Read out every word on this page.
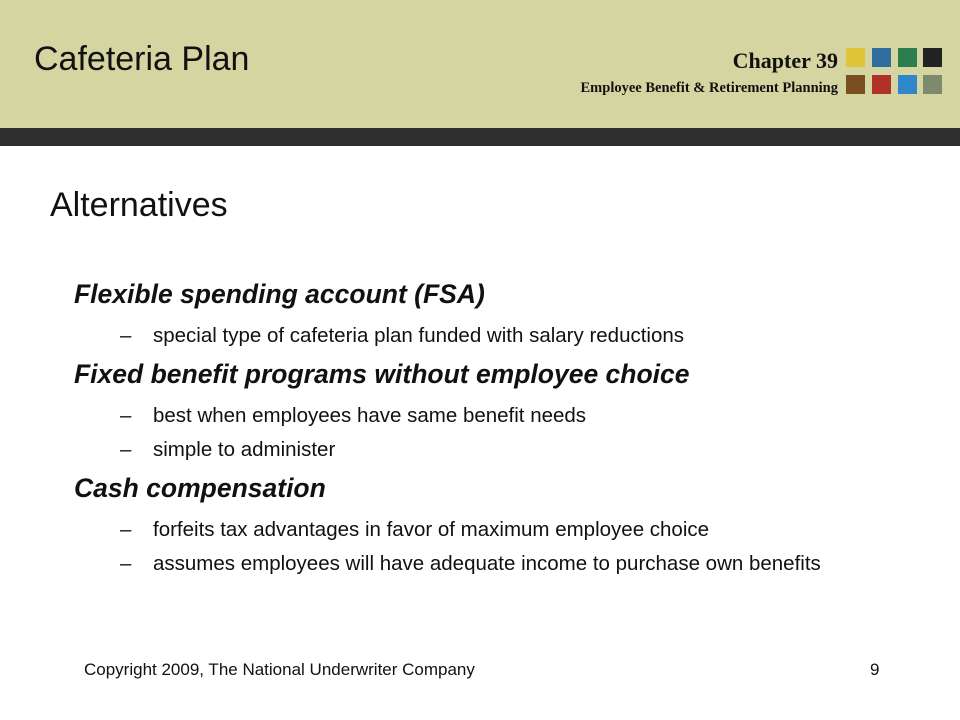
Cafeteria Plan	Chapter 39
Employee Benefit & Retirement Planning
Alternatives

Flexible spending account (FSA)

– special type of cafeteria plan funded with salary reductions

Fixed benefit programs without employee choice

– best when employees have same benefit needs
– simple to administer

Cash compensation

– forfeits tax advantages in favor of maximum employee choice
– assumes employees will have adequate income to purchase own benefits
Copyright 2009, The National Underwriter Company	9
